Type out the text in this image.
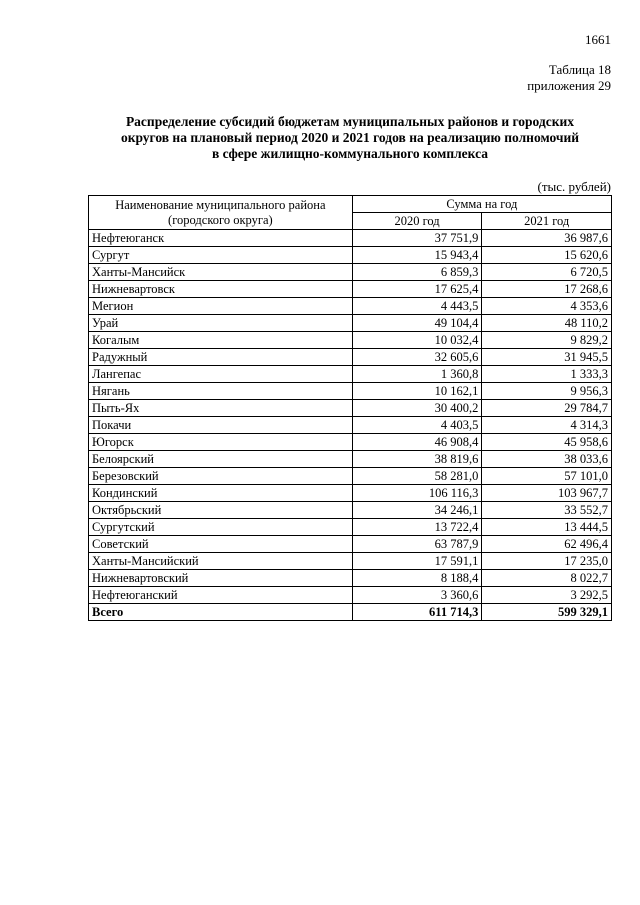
1661
Таблица 18
приложения 29
Распределение субсидий бюджетам муниципальных районов и городских
округов на плановый период 2020 и 2021 годов на реализацию полномочий
в сфере жилищно-коммунального комплекса
(тыс. рублей)
Наименование муниципального района
(городского округа)	Сумма на год	
	2020 год	2021 год
Нефтеюганск	37 751,9	36 987,6
Сургут	15 943,4	15 620,6
Ханты-Мансийск	6 859,3	6 720,5
Нижневартовск	17 625,4	17 268,6
Мегион	4 443,5	4 353,6
Урай	49 104,4	48 110,2
Когалым	10 032,4	9 829,2
Радужный	32 605,6	31 945,5
Лангепас	1 360,8	1 333,3
Нягань	10 162,1	9 956,3
Пыть-Ях	30 400,2	29 784,7
Покачи	4 403,5	4 314,3
Югорск	46 908,4	45 958,6
Белоярский	38 819,6	38 033,6
Березовский	58 281,0	57 101,0
Кондинский	106 116,3	103 967,7
Октябрьский	34 246,1	33 552,7
Сургутский	13 722,4	13 444,5
Советский	63 787,9	62 496,4
Ханты-Мансийский	17 591,1	17 235,0
Нижневартовский	8 188,4	8 022,7
Нефтеюганский	3 360,6	3 292,5
Всего	611 714,3	599 329,1
